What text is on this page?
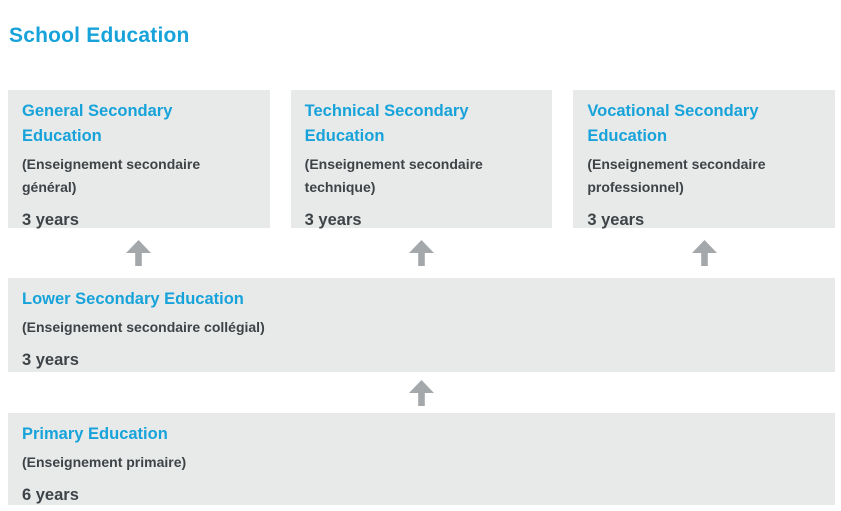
School Education
General Secondary Education
(Enseignement secondaire général)
3 years
Technical Secondary Education
(Enseignement secondaire technique)
3 years
Vocational Secondary Education
(Enseignement secondaire professionnel)
3 years
Lower Secondary Education
(Enseignement secondaire collégial)
3 years
Primary Education
(Enseignement primaire)
6 years
